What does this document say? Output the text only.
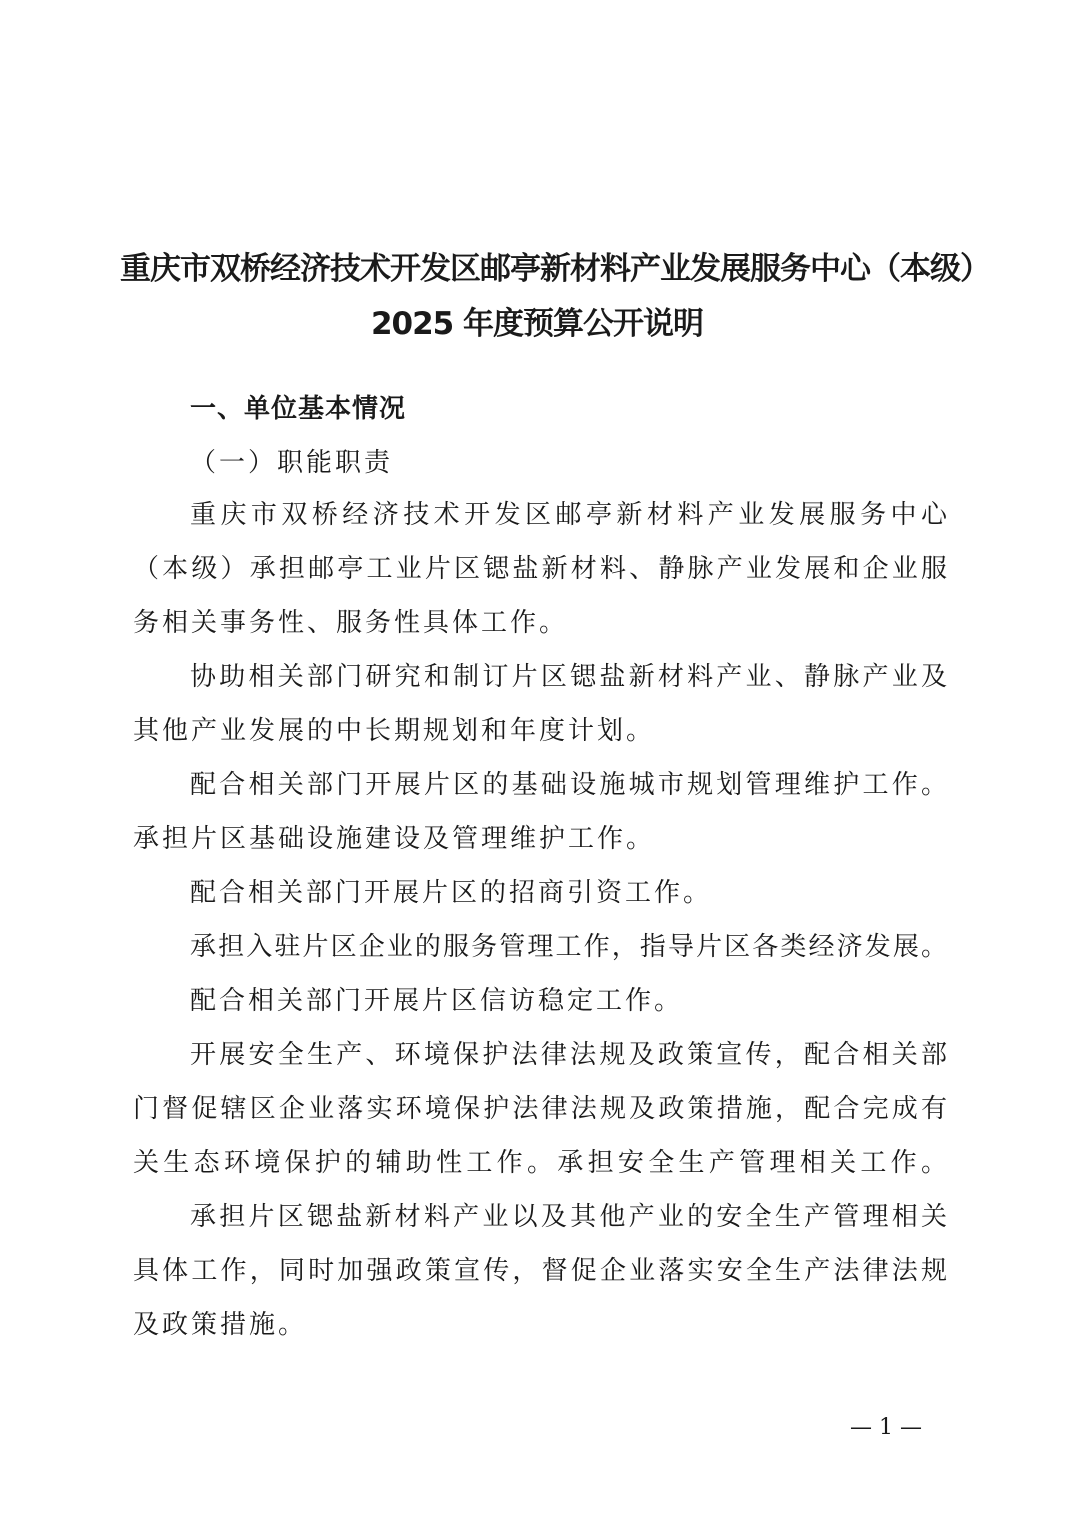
重庆市双桥经济技术开发区邮亭新材料产业发展服务中心（本级）
2025 年度预算公开说明
一、单位基本情况
（一）职能职责
重庆市双桥经济技术开发区邮亭新材料产业发展服务中心
（本级）承担邮亭工业片区锶盐新材料、静脉产业发展和企业服
务相关事务性、服务性具体工作。
协助相关部门研究和制订片区锶盐新材料产业、静脉产业及
其他产业发展的中长期规划和年度计划。
配合相关部门开展片区的基础设施城市规划管理维护工作。
承担片区基础设施建设及管理维护工作。
配合相关部门开展片区的招商引资工作。
承担入驻片区企业的服务管理工作，指导片区各类经济发展。
配合相关部门开展片区信访稳定工作。
开展安全生产、环境保护法律法规及政策宣传，配合相关部
门督促辖区企业落实环境保护法律法规及政策措施，配合完成有
关生态环境保护的辅助性工作。承担安全生产管理相关工作。
承担片区锶盐新材料产业以及其他产业的安全生产管理相关
具体工作，同时加强政策宣传，督促企业落实安全生产法律法规
及政策措施。
— 1 —
